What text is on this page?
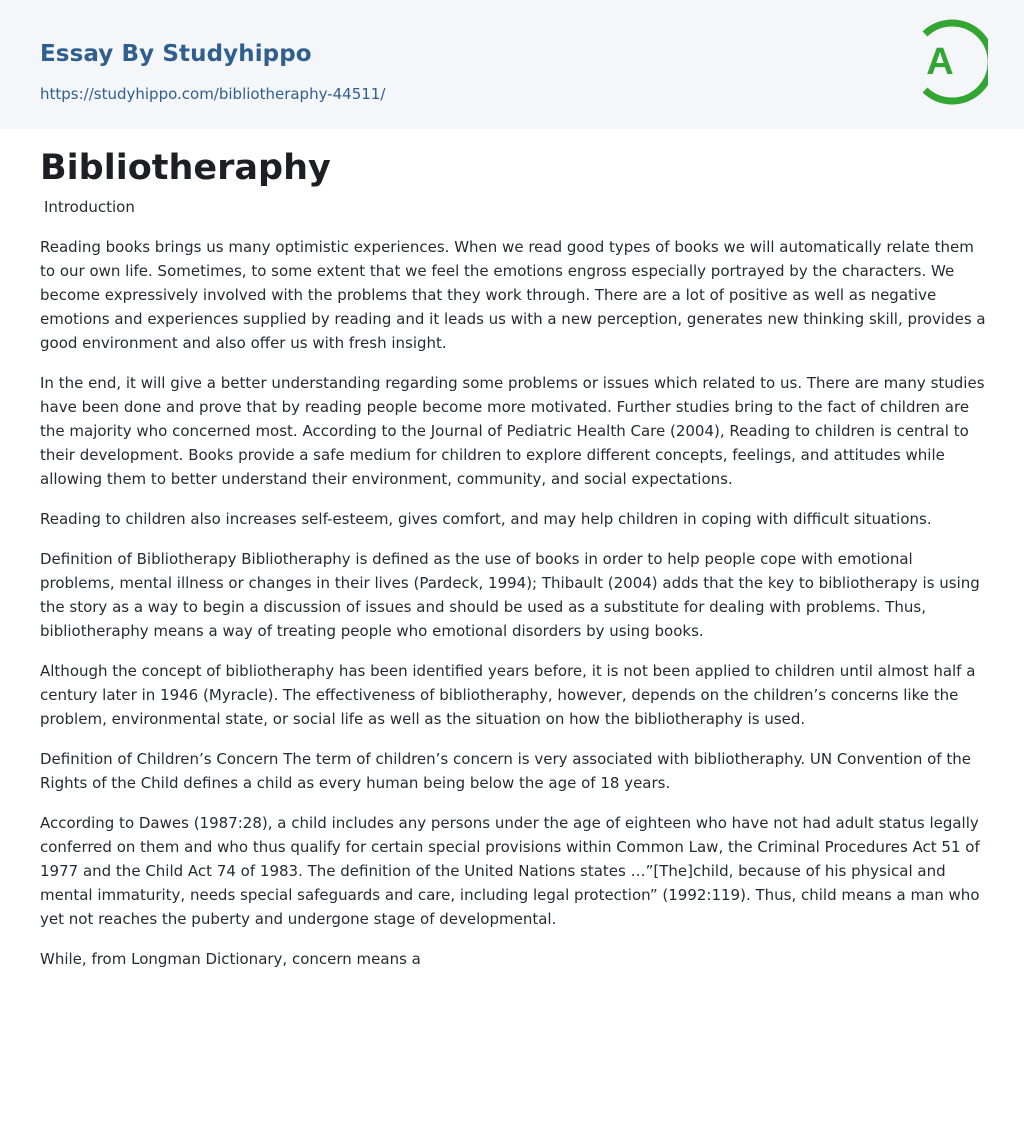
Essay By Studyhippo
https://studyhippo.com/bibliotheraphy-44511/
A
Bibliotheraphy
Introduction

Reading books brings us many optimistic experiences. When we read good types of books we will automatically relate them to our own life. Sometimes, to some extent that we feel the emotions engross especially portrayed by the characters. We become expressively involved with the problems that they work through. There are a lot of positive as well as negative emotions and experiences supplied by reading and it leads us with a new perception, generates new thinking skill, provides a good environment and also offer us with fresh insight.

In the end, it will give a better understanding regarding some problems or issues which related to us. There are many studies have been done and prove that by reading people become more motivated. Further studies bring to the fact of children are the majority who concerned most. According to the Journal of Pediatric Health Care (2004), Reading to children is central to their development. Books provide a safe medium for children to explore different concepts, feelings, and attitudes while allowing them to better understand their environment, community, and social expectations.

Reading to children also increases self-esteem, gives comfort, and may help children in coping with difficult situations.

Definition of Bibliotherapy Bibliotheraphy is defined as the use of books in order to help people cope with emotional problems, mental illness or changes in their lives (Pardeck, 1994); Thibault (2004) adds that the key to bibliotherapy is using the story as a way to begin a discussion of issues and should be used as a substitute for dealing with problems. Thus, bibliotheraphy means a way of treating people who emotional disorders by using books.

Although the concept of bibliotheraphy has been identified years before, it is not been applied to children until almost half a century later in 1946 (Myracle). The effectiveness of bibliotheraphy, however, depends on the children’s concerns like the problem, environmental state, or social life as well as the situation on how the bibliotheraphy is used.

Definition of Children’s Concern The term of children’s concern is very associated with bibliotheraphy. UN Convention of the Rights of the Child defines a child as every human being below the age of 18 years.

According to Dawes (1987:28), a child includes any persons under the age of eighteen who have not had adult status legally conferred on them and who thus qualify for certain special provisions within Common Law, the Criminal Procedures Act 51 of 1977 and the Child Act 74 of 1983. The definition of the United Nations states …”[The]child, because of his physical and mental immaturity, needs special safeguards and care, including legal protection” (1992:119). Thus, child means a man who yet not reaches the puberty and undergone stage of developmental.

While, from Longman Dictionary, concern means a
